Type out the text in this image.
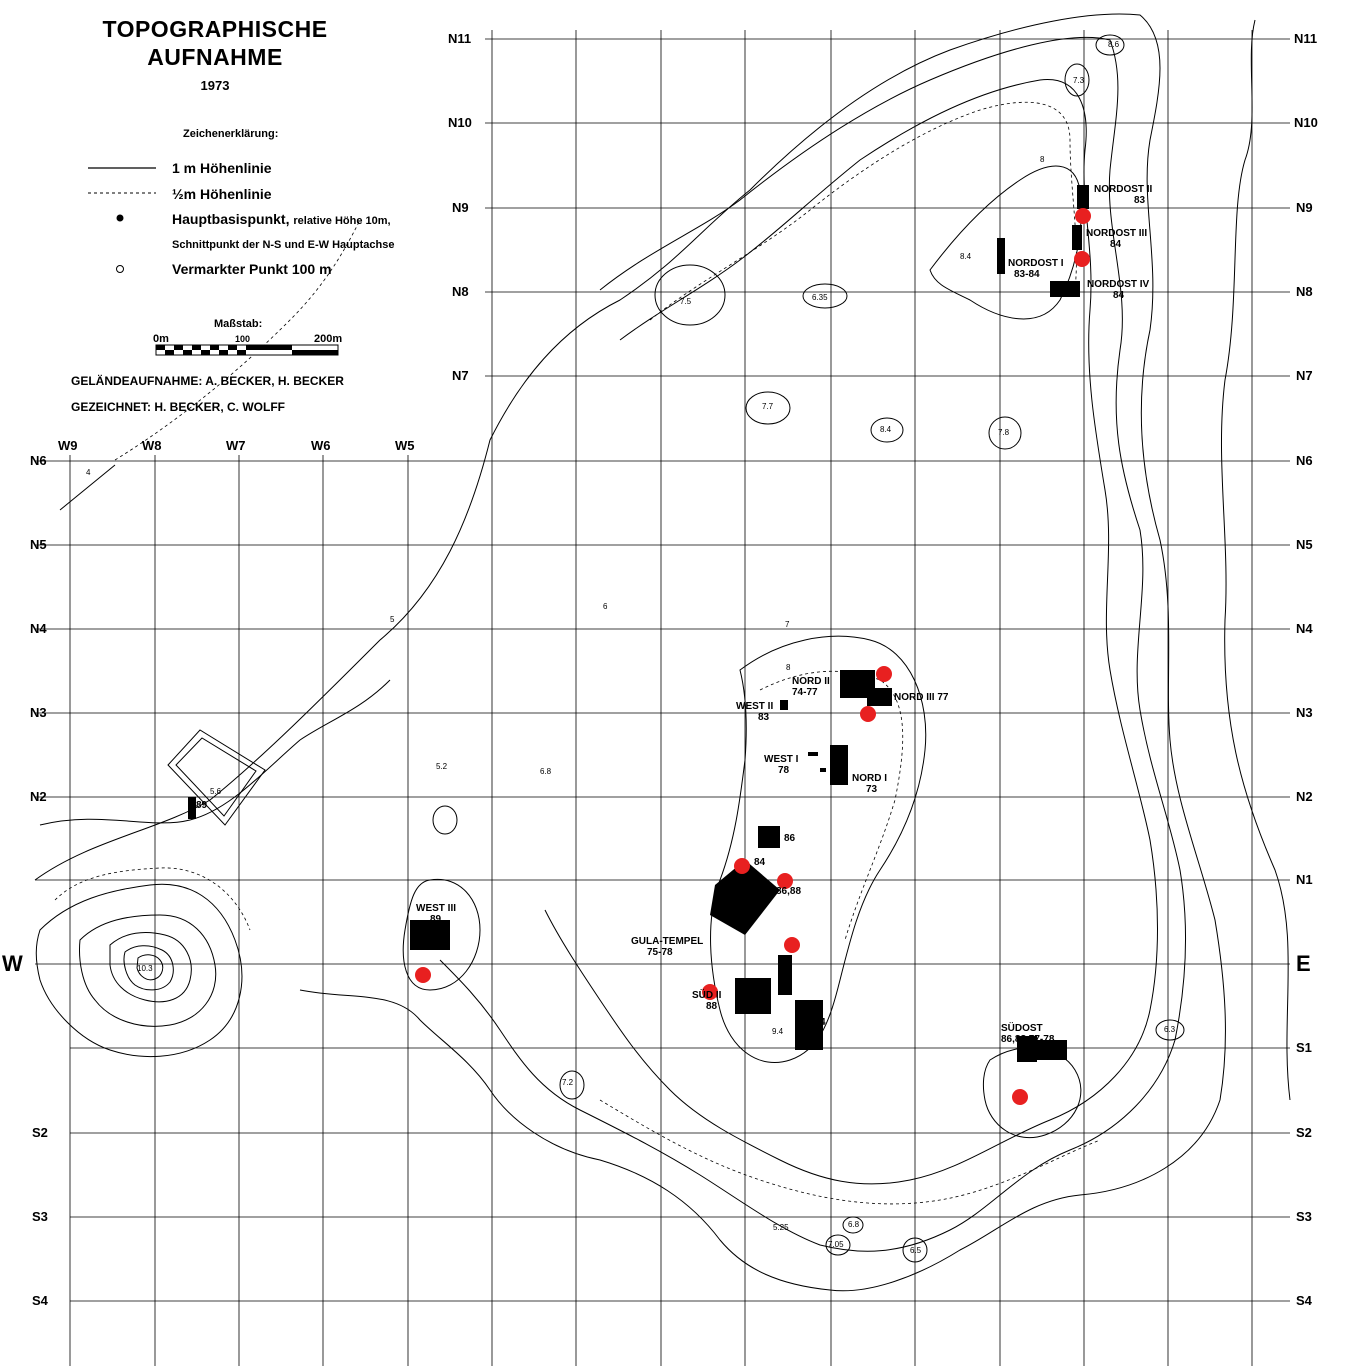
TOPOGRAPHISCHE
AUFNAHME
1973
Zeichenerklärung:
1 m Höhenlinie
½m Höhenlinie
Hauptbasispunkt, relative Höhe 10m,
Schnittpunkt der N-S und E-W Hauptachse
Vermarkter Punkt 100 m
Maßstab:
0m	100	200m
GELÄNDEAUFNAHME: A. BECKER, H. BECKER
GEZEICHNET: H. BECKER, C. WOLFF
N11
N10
N9
N8
N7
N6
N5
N4
N3
N2
S2
S3
S4
N11
N10
N9
N8
N7
N6
N5
N4
N3
N2
N1
S1
S2
S3
S4
W9	W8	W7	W6	W5
W	E
NORDOST II
83
NORDOST III
84
NORDOST I
83-84
NORDOST IV
84
NORD II
74-77	NORD III 77
WEST II
83
WEST I
78
NORD I
73
GULA-TEMPEL
75-78
SÜD II
88	SÜD
73-74
SÜDOST
86,88 77-78
WEST III
89
86
84
86,88
89
7.3
8.6
8
8.4
7.5	6.35
7.7
8.4	7.8
5.2
6.8
5.6
10.3
7.2
9.4	6.3
5.25	6.8
7.05
6.5
4
5
6
7
8
